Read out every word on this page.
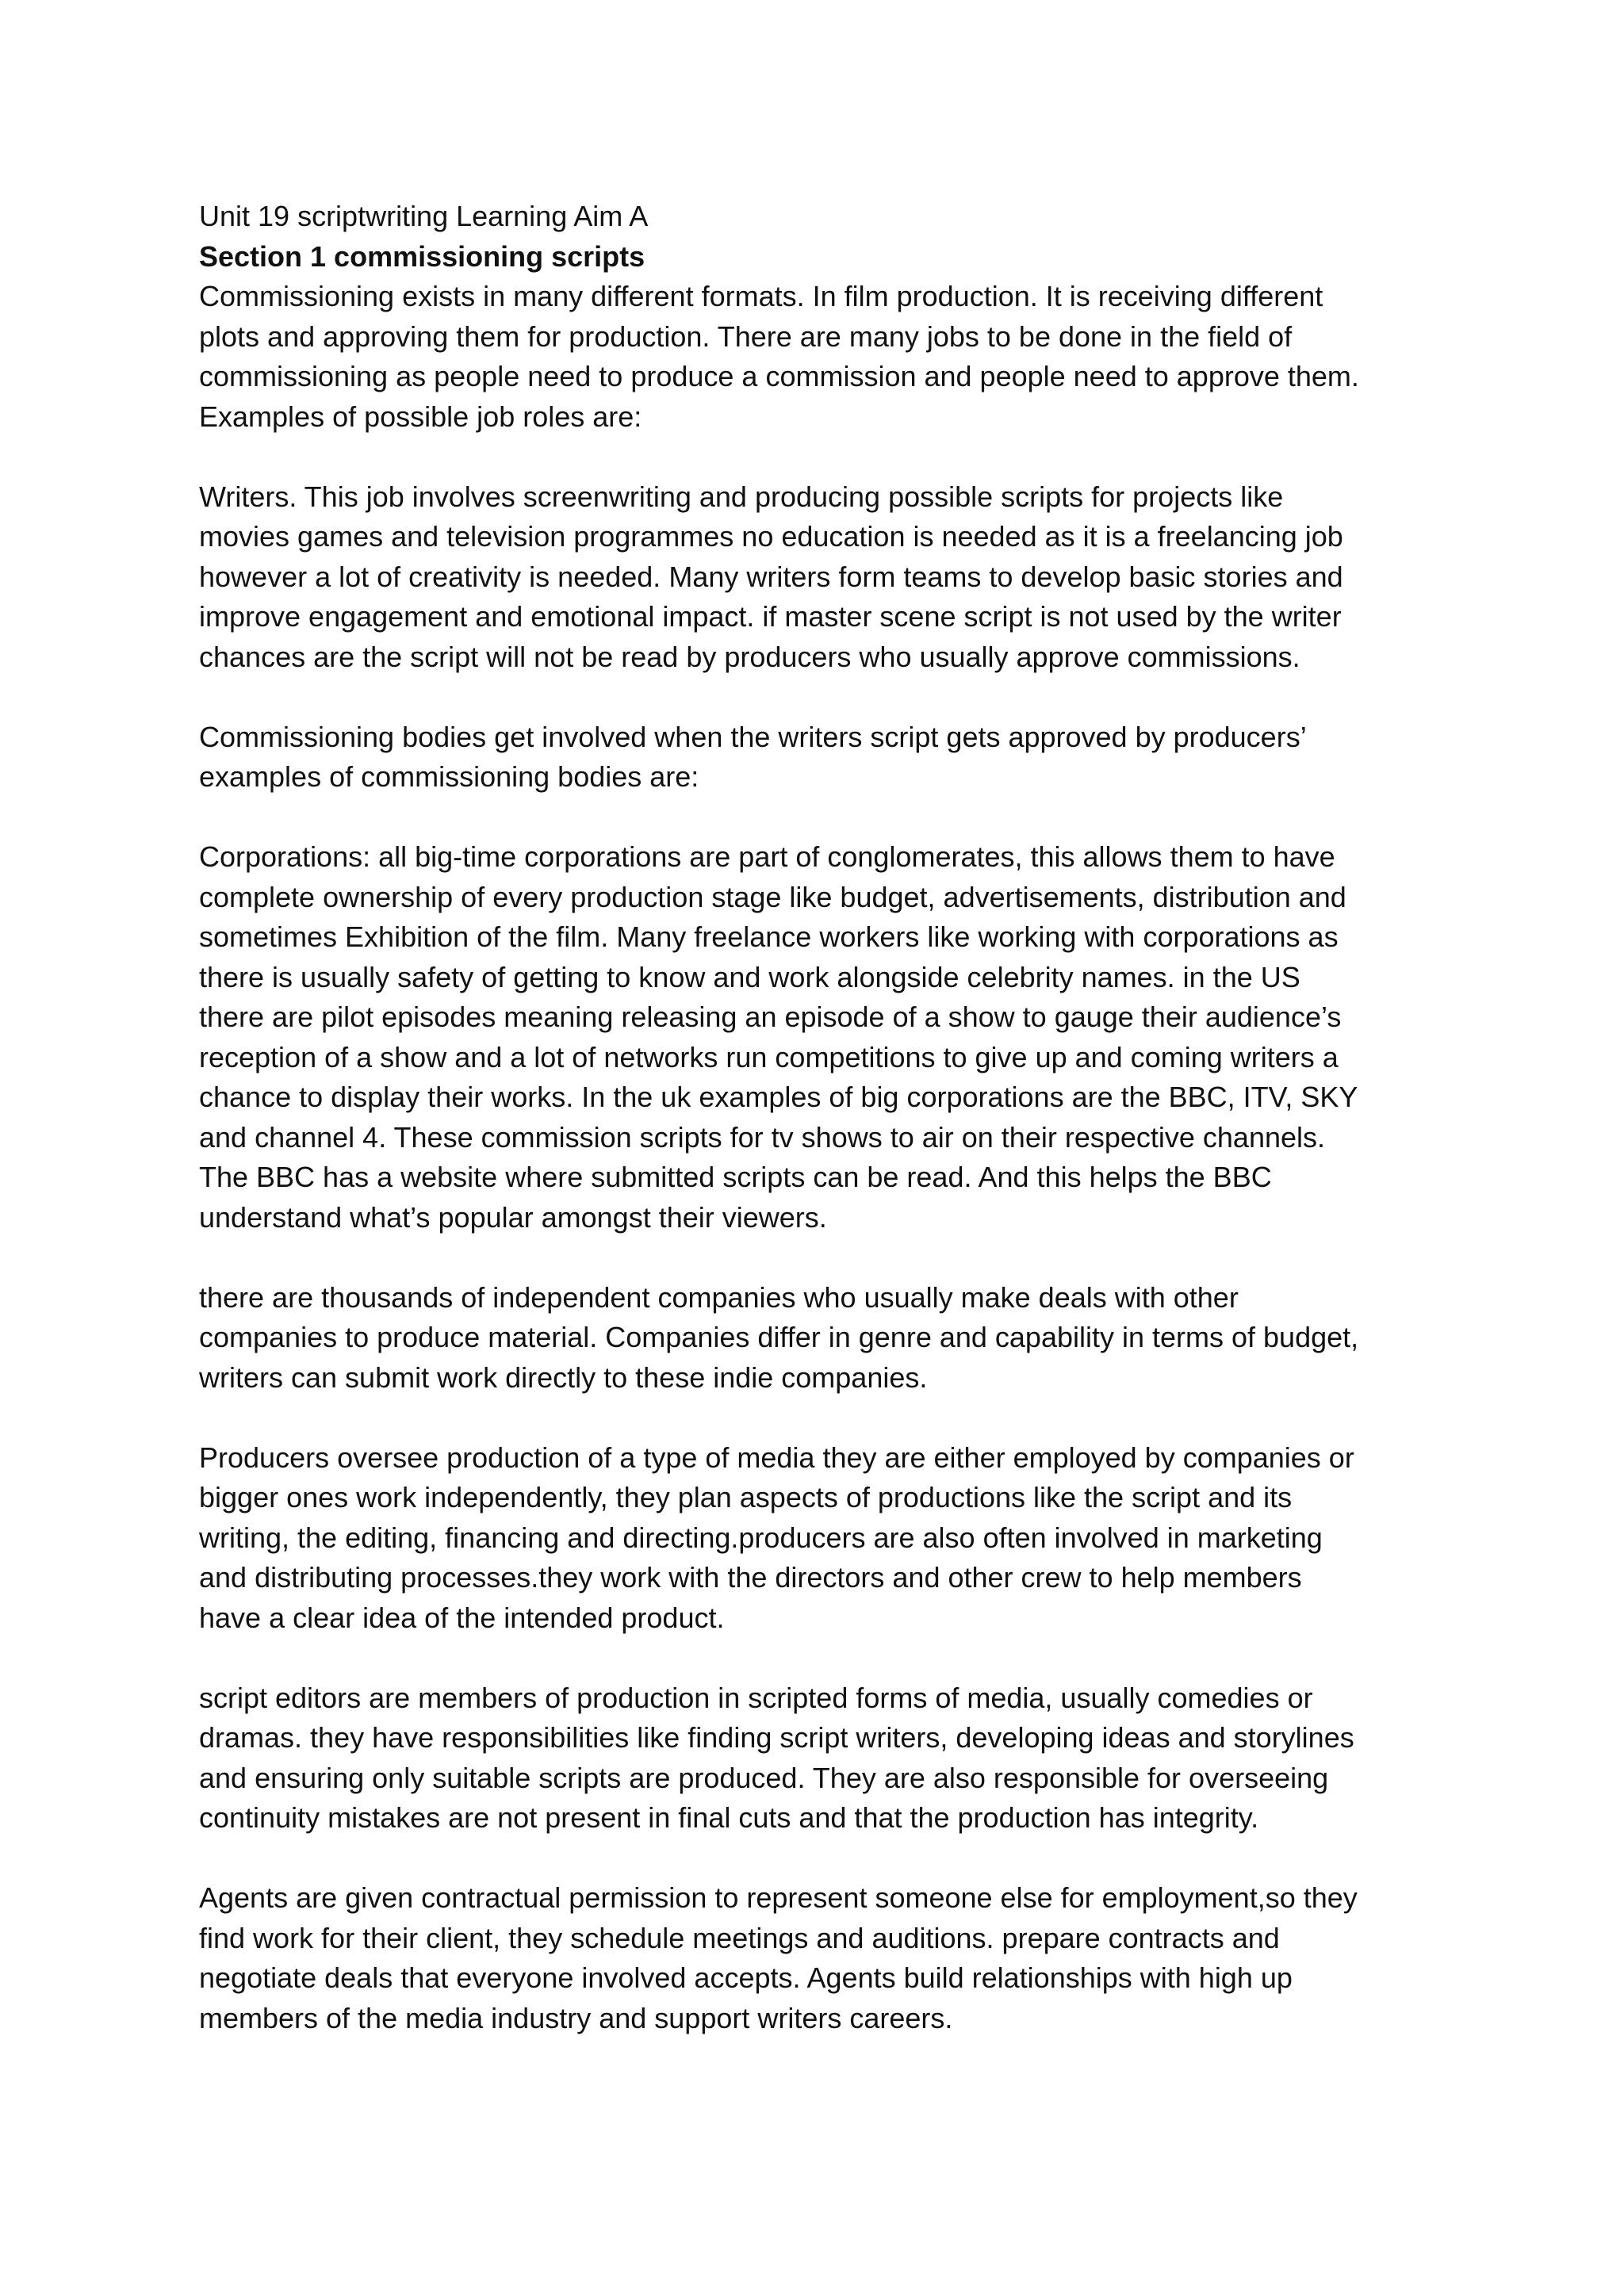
Unit 19 scriptwriting Learning Aim A
Section 1 commissioning scripts

Commissioning exists in many different formats. In film production. It is receiving different
plots and approving them for production. There are many jobs to be done in the field of
commissioning as people need to produce a commission and people need to approve them.
Examples of possible job roles are:

Writers. This job involves screenwriting and producing possible scripts for projects like
movies games and television programmes no education is needed as it is a freelancing job
however a lot of creativity is needed. Many writers form teams to develop basic stories and
improve engagement and emotional impact. if master scene script is not used by the writer
chances are the script will not be read by producers who usually approve commissions.

Commissioning bodies get involved when the writers script gets approved by producers’
examples of commissioning bodies are:

Corporations: all big-time corporations are part of conglomerates, this allows them to have
complete ownership of every production stage like budget, advertisements, distribution and
sometimes Exhibition of the film. Many freelance workers like working with corporations as
there is usually safety of getting to know and work alongside celebrity names. in the US
there are pilot episodes meaning releasing an episode of a show to gauge their audience’s
reception of a show and a lot of networks run competitions to give up and coming writers a
chance to display their works. In the uk examples of big corporations are the BBC, ITV, SKY
and channel 4. These commission scripts for tv shows to air on their respective channels.
The BBC has a website where submitted scripts can be read. And this helps the BBC
understand what’s popular amongst their viewers.

there are thousands of independent companies who usually make deals with other
companies to produce material. Companies differ in genre and capability in terms of budget,
writers can submit work directly to these indie companies.

Producers oversee production of a type of media they are either employed by companies or
bigger ones work independently, they plan aspects of productions like the script and its
writing, the editing, financing and directing.producers are also often involved in marketing
and distributing processes.they work with the directors and other crew to help members
have a clear idea of the intended product.

script editors are members of production in scripted forms of media, usually comedies or
dramas. they have responsibilities like finding script writers, developing ideas and storylines
and ensuring only suitable scripts are produced. They are also responsible for overseeing
continuity mistakes are not present in final cuts and that the production has integrity.

Agents are given contractual permission to represent someone else for employment,so they
find work for their client, they schedule meetings and auditions. prepare contracts and
negotiate deals that everyone involved accepts. Agents build relationships with high up
members of the media industry and support writers careers.
